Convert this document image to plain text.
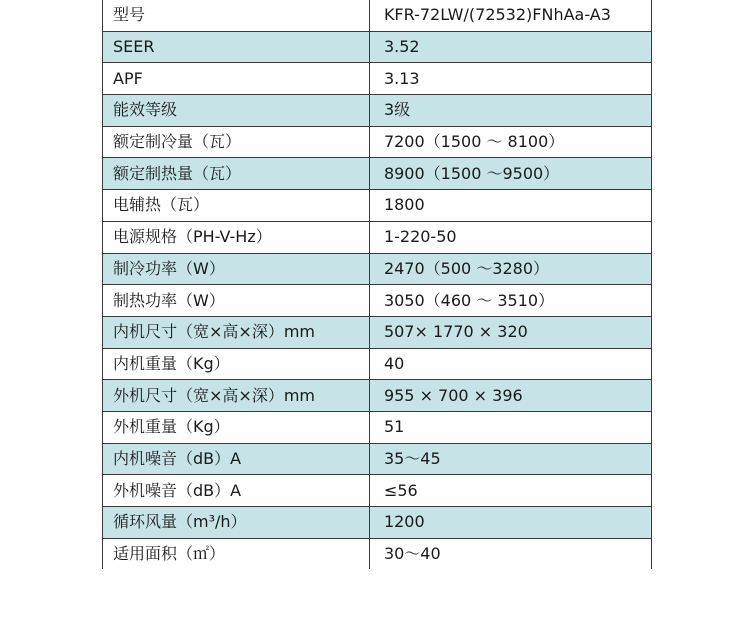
型号	KFR-72LW/(72532)FNhAa-A3
SEER	3.52
APF	3.13
能效等级	3级
额定制冷量（瓦）	7200（1500 ～ 8100）
额定制热量（瓦）	8900（1500 ～9500）
电辅热（瓦）	1800
电源规格（PH-V-Hz）	1-220-50
制冷功率（W）	2470（500 ～3280）
制热功率（W）	3050（460 ～ 3510）
内机尺寸（宽×高×深）mm	507× 1770 × 320
内机重量（Kg）	40
外机尺寸（宽×高×深）mm	955 × 700 × 396
外机重量（Kg）	51
内机噪音（dB）A	35～45
外机噪音（dB）A	≤56
循环风量（m³/h）	1200
适用面积（㎡）	30～40
